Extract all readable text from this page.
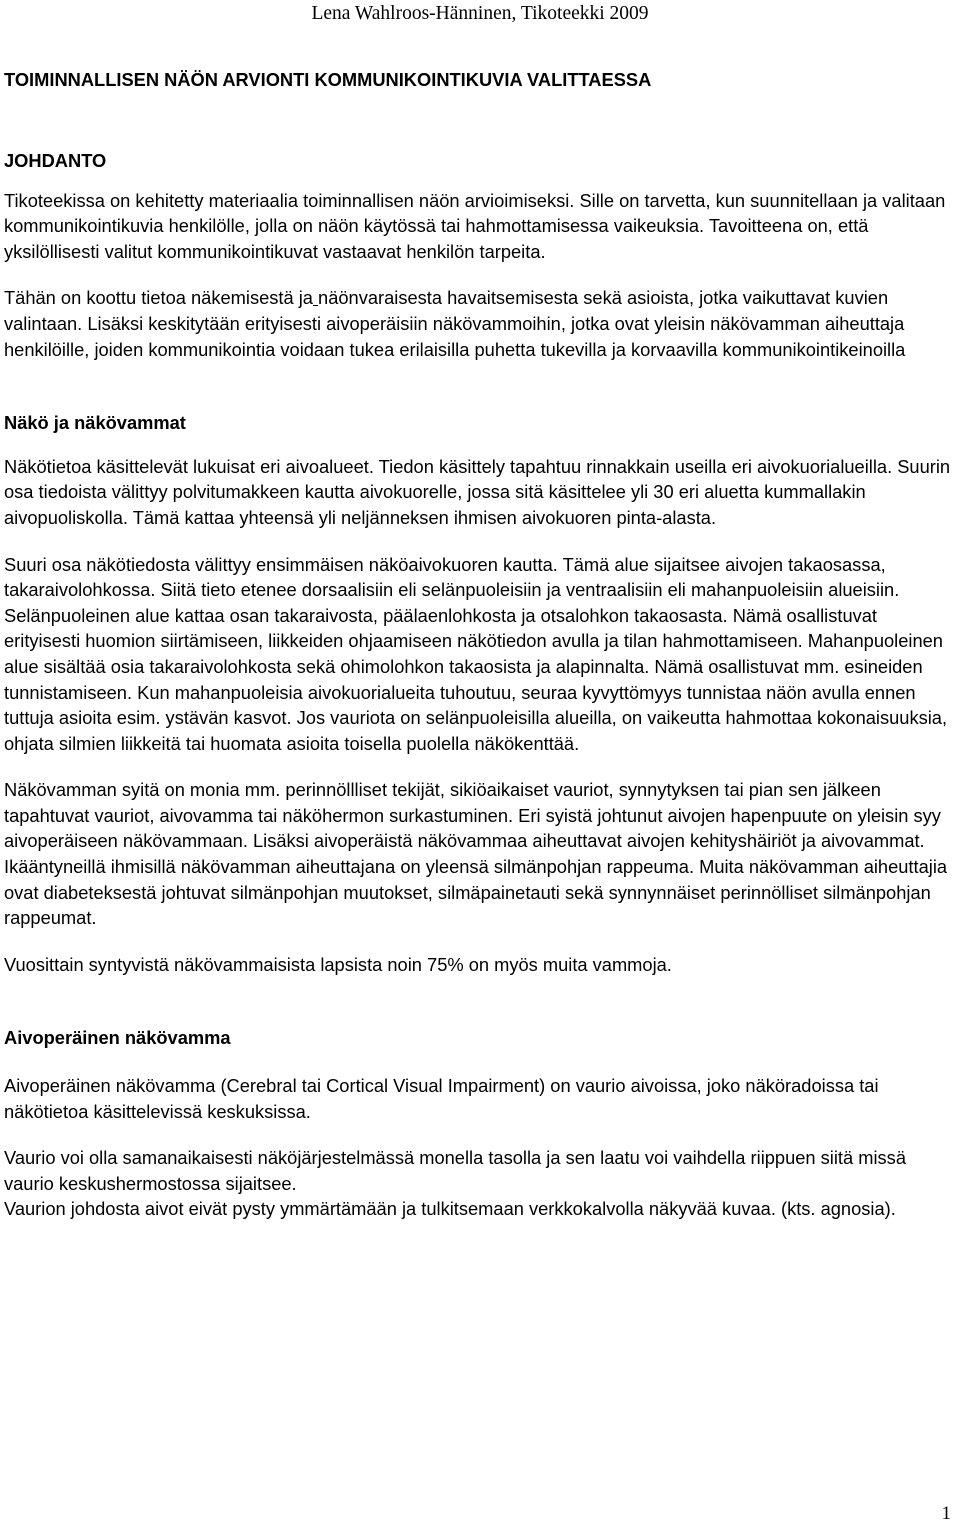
Lena Wahlroos-Hänninen, Tikoteekki 2009

TOIMINNALLISEN NÄÖN ARVIONTI KOMMUNIKOINTIKUVIA VALITTAESSA

JOHDANTO

Tikoteekissa on kehitetty materiaalia toiminnallisen näön arvioimiseksi. Sille on tarvetta, kun suunnitellaan ja valitaan kommunikointikuvia henkilölle, jolla on näön käytössä tai hahmottamisessa vaikeuksia. Tavoitteena on, että yksilöllisesti valitut kommunikointikuvat vastaavat henkilön tarpeita.

Tähän on koottu tietoa näkemisestä ja näönvaraisesta havaitsemisesta sekä asioista, jotka vaikuttavat kuvien valintaan. Lisäksi keskitytään erityisesti aivoperäisiin näkövammoihin, jotka ovat yleisin näkövamman aiheuttaja henkilöille, joiden kommunikointia voidaan tukea erilaisilla puhetta tukevilla ja korvaavilla kommunikointikeinoilla

Näkö ja näkövammat

Näkötietoa käsittelevät lukuisat eri aivoalueet. Tiedon käsittely tapahtuu rinnakkain useilla eri aivokuorialueilla. Suurin osa tiedoista välittyy polvitumakkeen kautta aivokuorelle, jossa sitä käsittelee yli 30 eri aluetta kummallakin aivopuoliskolla. Tämä kattaa yhteensä yli neljänneksen ihmisen aivokuoren pinta-alasta.

Suuri osa näkötiedosta välittyy ensimmäisen näköaivokuoren kautta. Tämä alue sijaitsee aivojen takaosassa, takaraivolohkossa. Siitä tieto etenee dorsaalisiin eli selänpuoleisiin ja ventraalisiin eli mahanpuoleisiin alueisiin. Selänpuoleinen alue kattaa osan takaraivosta, päälaenlohkosta ja otsalohkon takaosasta. Nämä osallistuvat erityisesti huomion siirtämiseen, liikkeiden ohjaamiseen näkötiedon avulla ja tilan hahmottamiseen. Mahanpuoleinen alue sisältää osia takaraivolohkosta sekä ohimolohkon takaosista ja alapinnalta. Nämä osallistuvat mm. esineiden tunnistamiseen. Kun mahanpuoleisia aivokuorialueita tuhoutuu, seuraa kyvyttömyys tunnistaa näön avulla ennen tuttuja asioita esim. ystävän kasvot. Jos vauriota on selänpuoleisilla alueilla, on vaikeutta hahmottaa kokonaisuuksia, ohjata silmien liikkeitä tai huomata asioita toisella puolella näkökenttää.

Näkövamman syitä on monia mm. perinnöllliset tekijät, sikiöaikaiset vauriot, synnytyksen tai pian sen jälkeen tapahtuvat vauriot, aivovamma tai näköhermon surkastuminen. Eri syistä johtunut aivojen hapenpuute on yleisin syy aivoperäiseen näkövammaan. Lisäksi aivoperäistä näkövammaa aiheuttavat aivojen kehityshäiriöt ja aivovammat. Ikääntyneillä ihmisillä näkövamman aiheuttajana on yleensä silmänpohjan rappeuma. Muita näkövamman aiheuttajia ovat diabeteksestä johtuvat silmänpohjan muutokset, silmäpainetauti sekä synnynnäiset perinnölliset silmänpohjan rappeumat.

Vuosittain syntyvistä näkövammaisista lapsista noin 75% on myös muita vammoja.

Aivoperäinen näkövamma

Aivoperäinen näkövamma (Cerebral tai Cortical Visual Impairment) on vaurio aivoissa, joko näköradoissa tai näkötietoa käsittelevissä keskuksissa.

Vaurio voi olla samanaikaisesti näköjärjestelmässä monella tasolla ja sen laatu voi vaihdella riippuen siitä missä vaurio keskushermostossa sijaitsee.

Vaurion johdosta aivot eivät pysty ymmärtämään ja tulkitsemaan verkkokalvolla näkyvää kuvaa. (kts. agnosia).

1
